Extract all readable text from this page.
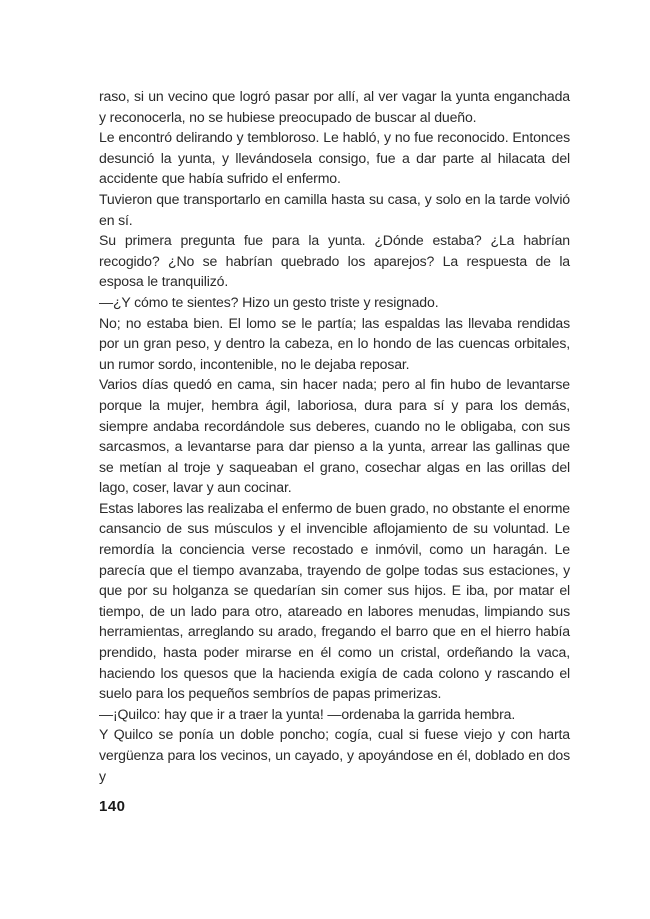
raso, si un vecino que logró pasar por allí, al ver vagar la yunta enganchada y reconocerla, no se hubiese preocupado de buscar al dueño.

Le encontró delirando y tembloroso. Le habló, y no fue reconocido. Entonces desunció la yunta, y llevándosela consigo, fue a dar parte al hilacata del accidente que había sufrido el enfermo.

Tuvieron que transportarlo en camilla hasta su casa, y solo en la tarde volvió en sí.

Su primera pregunta fue para la yunta. ¿Dónde estaba? ¿La habrían recogido? ¿No se habrían quebrado los aparejos? La respuesta de la esposa le tranquilizó.

—¿Y cómo te sientes? Hizo un gesto triste y resignado.

No; no estaba bien. El lomo se le partía; las espaldas las llevaba rendidas por un gran peso, y dentro la cabeza, en lo hondo de las cuencas orbitales, un rumor sordo, incontenible, no le dejaba reposar.

Varios días quedó en cama, sin hacer nada; pero al fin hubo de levantarse porque la mujer, hembra ágil, laboriosa, dura para sí y para los demás, siempre andaba recordándole sus deberes, cuando no le obligaba, con sus sarcasmos, a levantarse para dar pienso a la yunta, arrear las gallinas que se metían al troje y saqueaban el grano, cosechar algas en las orillas del lago, coser, lavar y aun cocinar.

Estas labores las realizaba el enfermo de buen grado, no obstante el enorme cansancio de sus músculos y el invencible aflojamiento de su voluntad. Le remordía la conciencia verse recostado e inmóvil, como un haragán. Le parecía que el tiempo avanzaba, trayendo de golpe todas sus estaciones, y que por su holganza se quedarían sin comer sus hijos. E iba, por matar el tiempo, de un lado para otro, atareado en labores menudas, limpiando sus herramientas, arreglando su arado, fregando el barro que en el hierro había prendido, hasta poder mirarse en él como un cristal, ordeñando la vaca, haciendo los quesos que la hacienda exigía de cada colono y rascando el suelo para los pequeños sembríos de papas primerizas.

—¡Quilco: hay que ir a traer la yunta! —ordenaba la garrida hembra.

Y Quilco se ponía un doble poncho; cogía, cual si fuese viejo y con harta vergüenza para los vecinos, un cayado, y apoyándose en él, doblado en dos y

140
